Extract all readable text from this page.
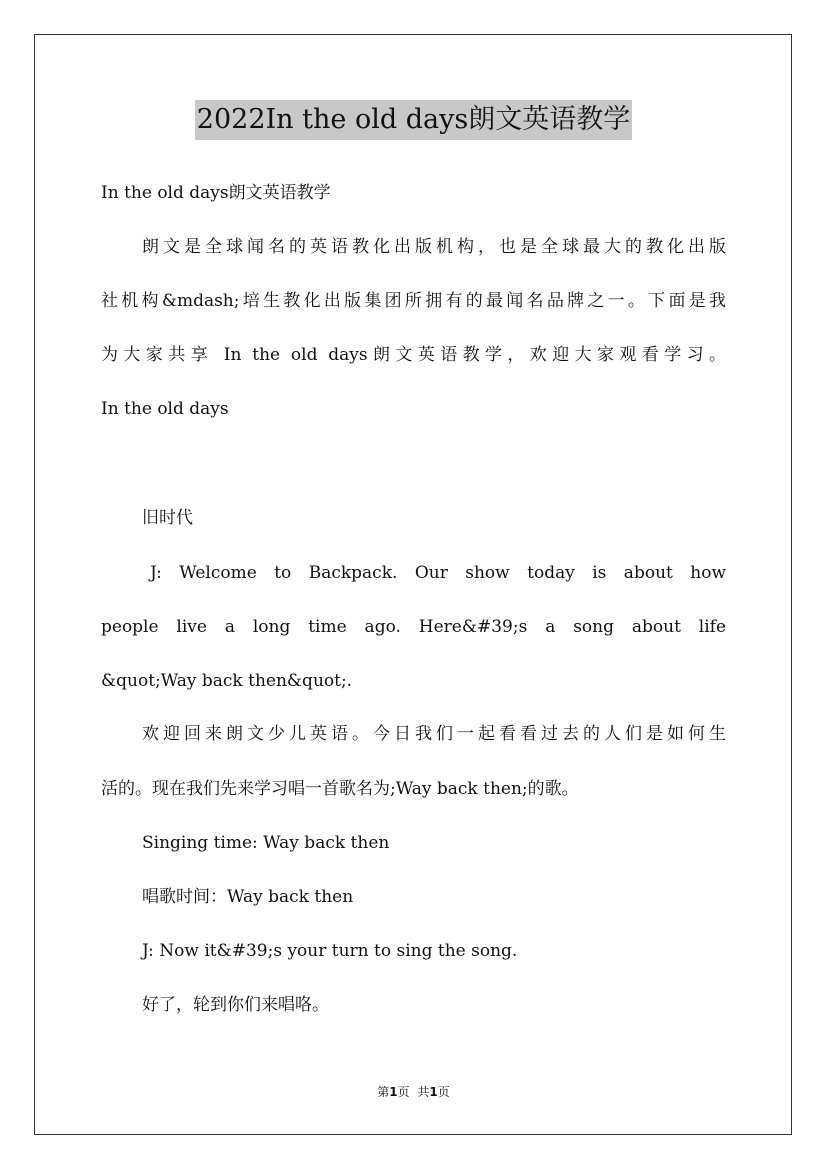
2022In the old days朗文英语教学
In the old days朗文英语教学
朗文是全球闻名的英语教化出版机构，也是全球最大的教化出版
社机构&mdash;培生教化出版集团所拥有的最闻名品牌之一。下面是我
为大家共享 In the old days朗文英语教学，欢迎大家观看学习。
In the old days
旧时代
J: Welcome to Backpack. Our show today is about how
people live a long time ago. Here&#39;s a song about life
&quot;Way back then&quot;.
欢迎回来朗文少儿英语。今日我们一起看看过去的人们是如何生
活的。现在我们先来学习唱一首歌名为;Way back then;的歌。
Singing time: Way back then
唱歌时间：Way back then
J: Now it&#39;s your turn to sing the song.
好了，轮到你们来唱咯。
第1页 共1页
